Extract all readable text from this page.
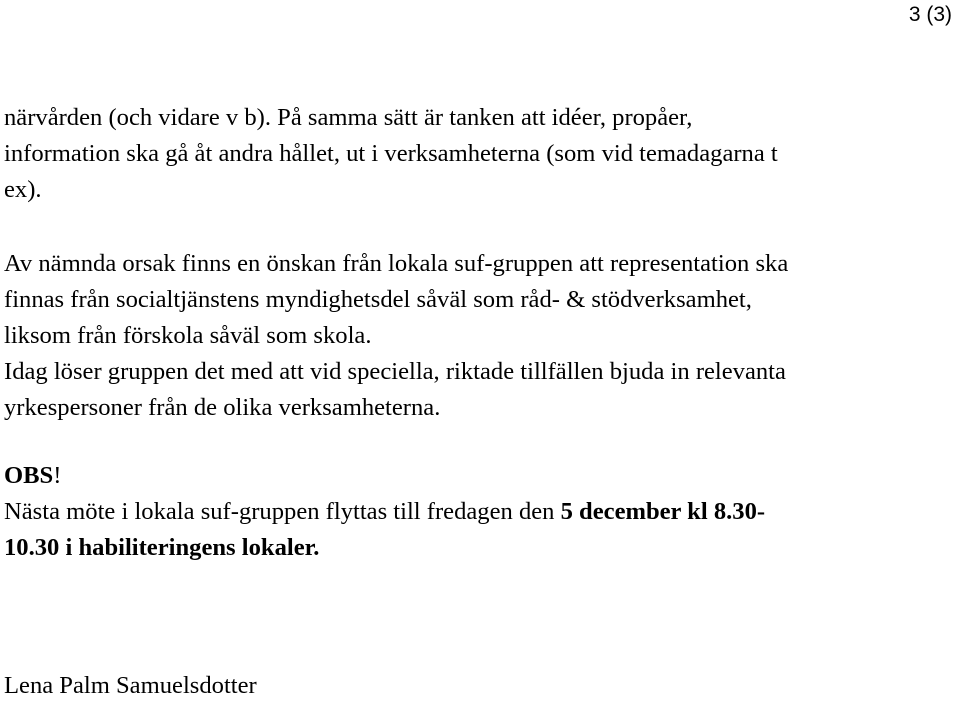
3 (3)

närvården (och vidare v b). På samma sätt är tanken att idéer, propåer,
information ska gå åt andra hållet, ut i verksamheterna (som vid temadagarna t
ex).

Av nämnda orsak finns en önskan från lokala suf-gruppen att representation ska
finnas från socialtjänstens myndighetsdel såväl som råd- & stödverksamhet,
liksom från förskola såväl som skola.
Idag löser gruppen det med att vid speciella, riktade tillfällen bjuda in relevanta
yrkespersoner från de olika verksamheterna.

OBS!
Nästa möte i lokala suf-gruppen flyttas till fredagen den 5 december kl 8.30-
10.30 i habiliteringens lokaler.

Lena Palm Samuelsdotter
